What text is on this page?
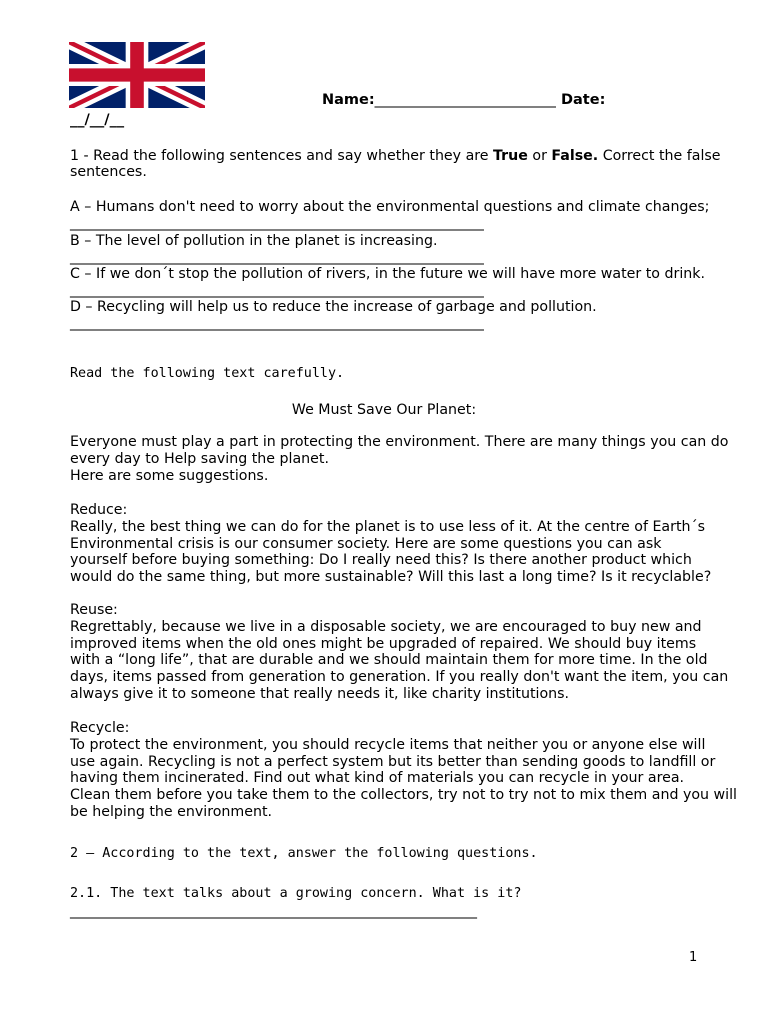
Name:_________________________ Date:
__/__/__
1 - Read the following sentences and say whether they are True or False. Correct the false
sentences.
A – Humans don't need to worry about the environmental questions and climate changes;
____________________________________________________________
B – The level of pollution in the planet is increasing.
____________________________________________________________
C – If we don´t stop the pollution of rivers, in the future we will have more water to drink.
____________________________________________________________
D – Recycling will help us to reduce the increase of garbage and pollution.
____________________________________________________________
Read the following text carefully.
We Must Save Our Planet:
Everyone must play a part in protecting the environment. There are many things you can do
every day to Help saving the planet.
Here are some suggestions.
Reduce:
Really, the best thing we can do for the planet is to use less of it. At the centre of Earth´s
Environmental crisis is our consumer society. Here are some questions you can ask
yourself before buying something: Do I really need this? Is there another product which
would do the same thing, but more sustainable? Will this last a long time? Is it recyclable?
Reuse:
Regrettably, because we live in a disposable society, we are encouraged to buy new and
improved items when the old ones might be upgraded of repaired. We should buy items
with a “long life”, that are durable and we should maintain them for more time. In the old
days, items passed from generation to generation. If you really don't want the item, you can
always give it to someone that really needs it, like charity institutions.
Recycle:
To protect the environment, you should recycle items that neither you or anyone else will
use again. Recycling is not a perfect system but its better than sending goods to landfill or
having them incinerated. Find out what kind of materials you can recycle in your area.
Clean them before you take them to the collectors, try not to try not to mix them and you will
be helping the environment.
2 – According to the text, answer the following questions.
2.1. The text talks about a growing concern. What is it?
___________________________________________________________
1
